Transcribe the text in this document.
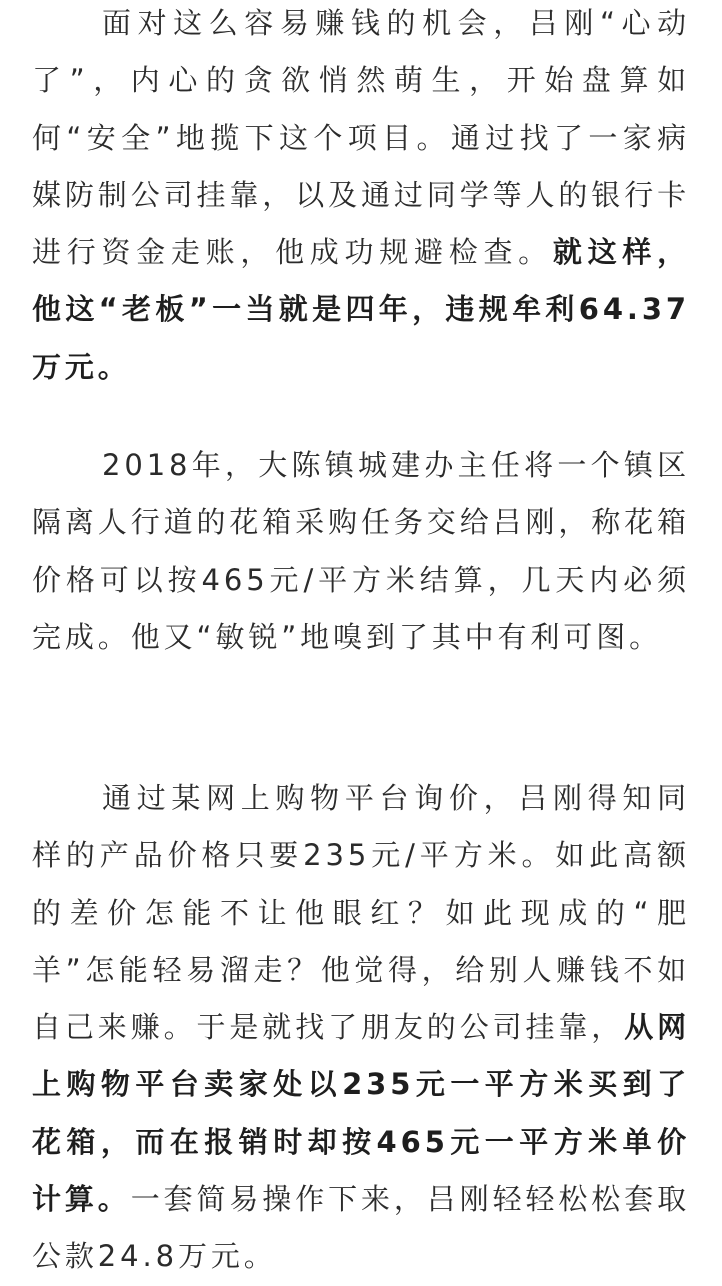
面对这么容易赚钱的机会，吕刚“心动了”，内心的贪欲悄然萌生，开始盘算如何“安全”地揽下这个项目。通过找了一家病媒防制公司挂靠，以及通过同学等人的银行卡进行资金走账，他成功规避检查。就这样，他这“老板”一当就是四年，违规牟利64.37万元。

2018年，大陈镇城建办主任将一个镇区隔离人行道的花箱采购任务交给吕刚，称花箱价格可以按465元/平方米结算，几天内必须完成。他又“敏锐”地嗅到了其中有利可图。

通过某网上购物平台询价，吕刚得知同样的产品价格只要235元/平方米。如此高额的差价怎能不让他眼红？如此现成的“肥羊”怎能轻易溜走？他觉得，给别人赚钱不如自己来赚。于是就找了朋友的公司挂靠，从网上购物平台卖家处以235元一平方米买到了花箱，而在报销时却按465元一平方米单价计算。一套简易操作下来，吕刚轻轻松松套取公款24.8万元。
